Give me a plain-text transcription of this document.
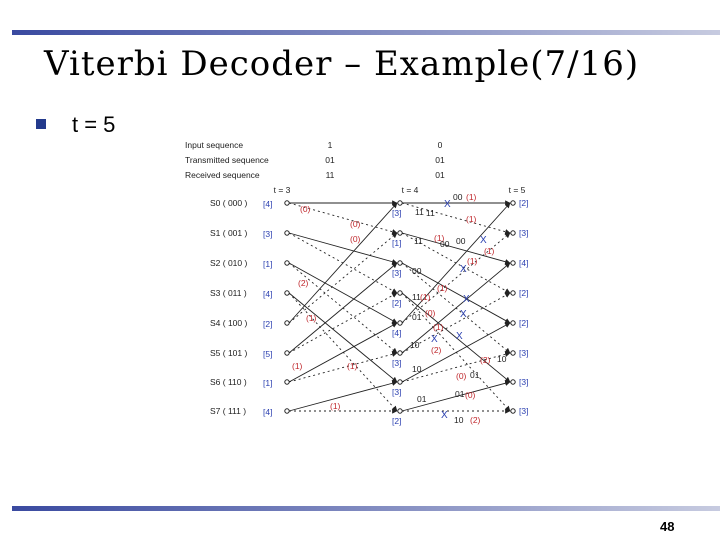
Viterbi Decoder – Example(7/16)
t = 5
Input sequence	1	0
Transmitted sequence	01	01
Received sequence	11	01
t = 3	t = 4	t = 5
S0 ( 000 ) [4]
[3]
[2]
S1 ( 001 ) [3]
[1]
[3]
S2 ( 010 ) [1]
[3]
[4]
S3 ( 011 ) [4]
[2]
[2]
S4 ( 100 ) [2]
[4]
[2]
S5 ( 101 ) [5]
[3]
[3]
S6 ( 110 ) [1]
[3]
[3]
S7 ( 111 ) [4]
[2]
[3]
(0)
(0)
(0)
(2)
(1)
(1)	(1)
(1)
00 (1)
11
(1)
11 (1) 00
(1)
00
(1)
11
(1)
01 (0)
10 (2)
10
(2)
01
(0)
01 (0)
10 (2)
11
00
(1)
(1)
01
10
X
X
X
X
X
X
X
X
48
